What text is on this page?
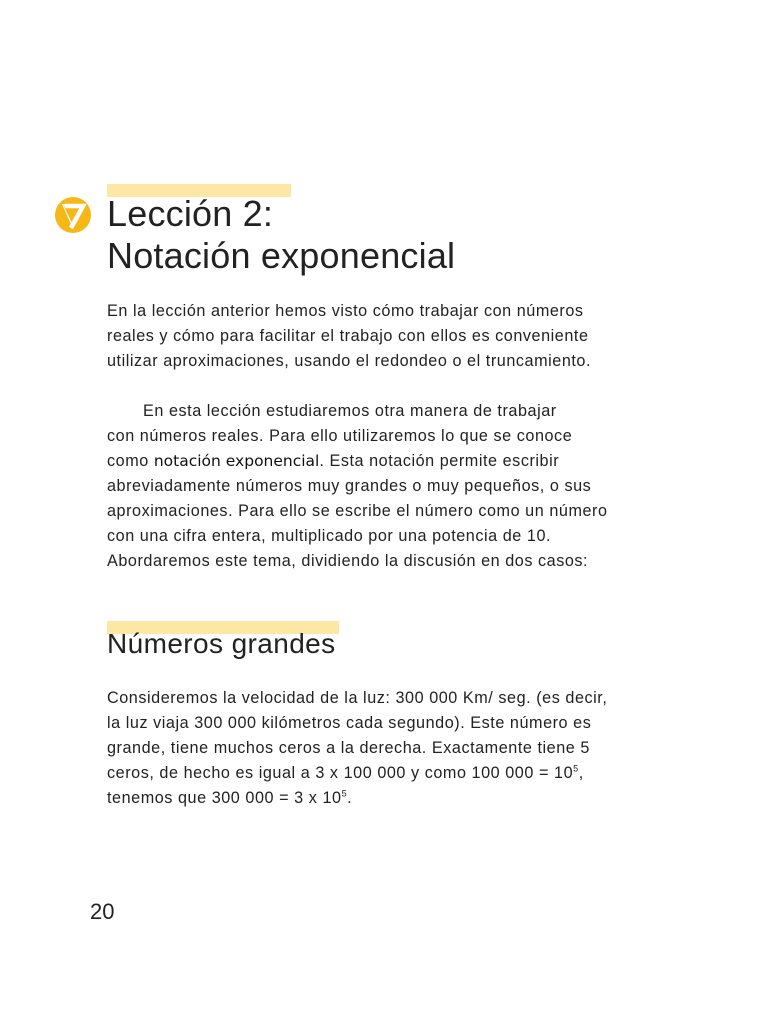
Lección 2:
Notación exponencial

En la lección anterior hemos visto cómo trabajar con números
reales y cómo para facilitar el trabajo con ellos es conveniente
utilizar aproximaciones, usando el redondeo o el truncamiento.

En esta lección estudiaremos otra manera de trabajar
con números reales. Para ello utilizaremos lo que se conoce
como notación exponencial. Esta notación permite escribir
abreviadamente números muy grandes o muy pequeños, o sus
aproximaciones. Para ello se escribe el número como un número
con una cifra entera, multiplicado por una potencia de 10.
Abordaremos este tema, dividiendo la discusión en dos casos:

Números grandes

Consideremos la velocidad de la luz: 300 000 Km/ seg. (es decir,
la luz viaja 300 000 kilómetros cada segundo). Este número es
grande, tiene muchos ceros a la derecha. Exactamente tiene 5
ceros, de hecho es igual a 3 x 100 000 y como 100 $000 = 10^5$,
tenemos que 300 000 = 3 x $10^5$.

20
